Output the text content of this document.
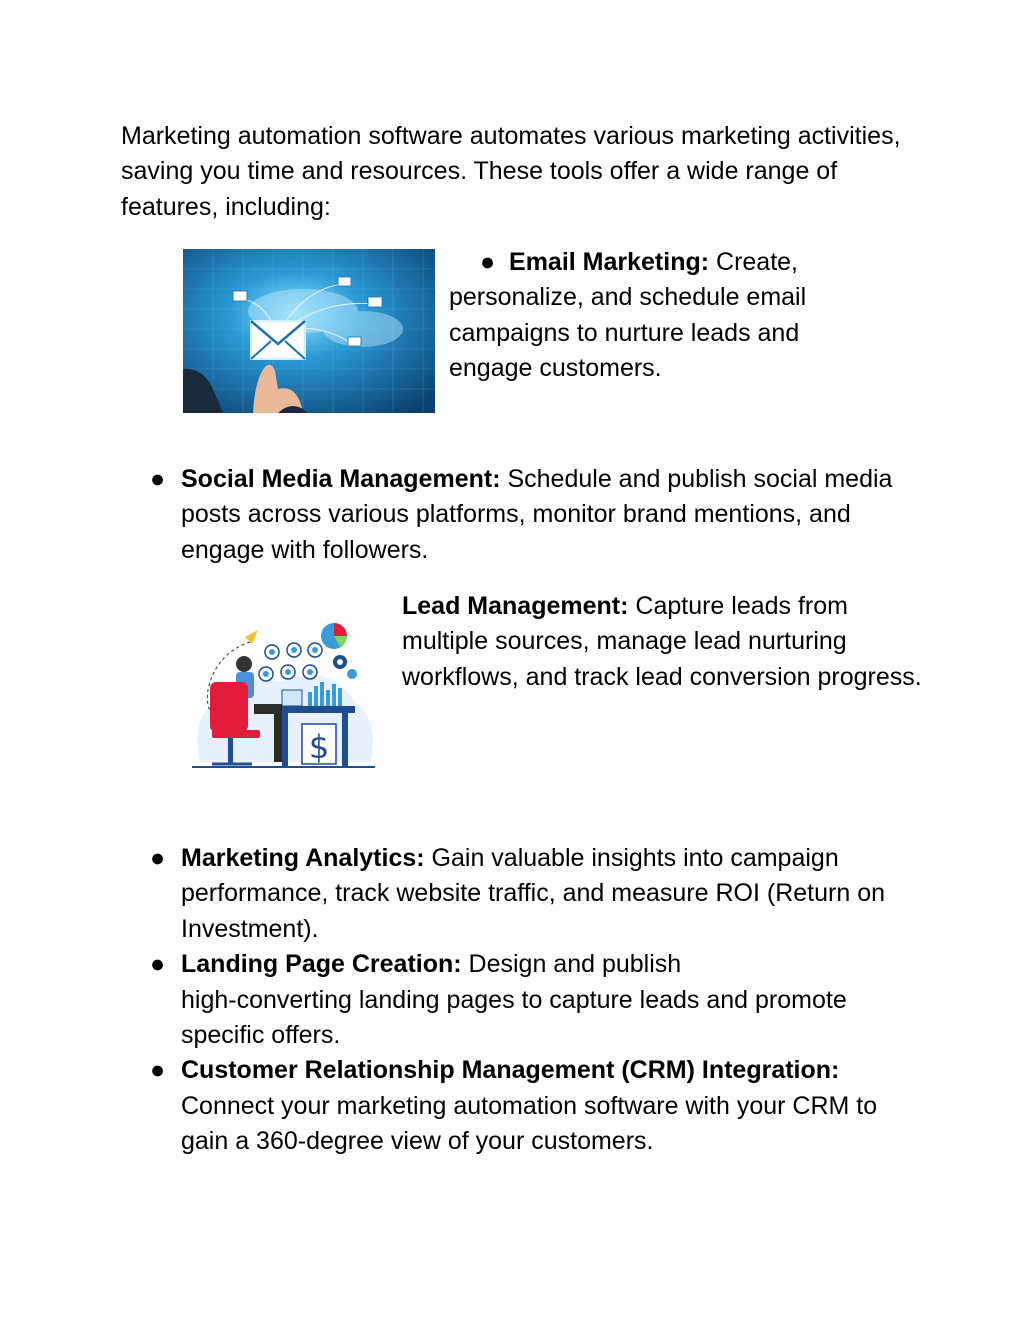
Marketing automation software automates various marketing activities, saving you time and resources. These tools offer a wide range of features, including:

● Email Marketing: Create,
personalize, and schedule email campaigns to nurture leads and engage customers.

● Social Media Management: Schedule and publish social media posts across various platforms, monitor brand mentions, and engage with followers.
$

Lead Management: Capture leads from multiple sources, manage lead nurturing workflows, and track lead conversion progress.

● Marketing Analytics: Gain valuable insights into campaign performance, track website traffic, and measure ROI (Return on Investment).
● Landing Page Creation: Design and publish
high-converting landing pages to capture leads and promote specific offers.
● Customer Relationship Management (CRM) Integration:
Connect your marketing automation software with your CRM to gain a 360-degree view of your customers.
